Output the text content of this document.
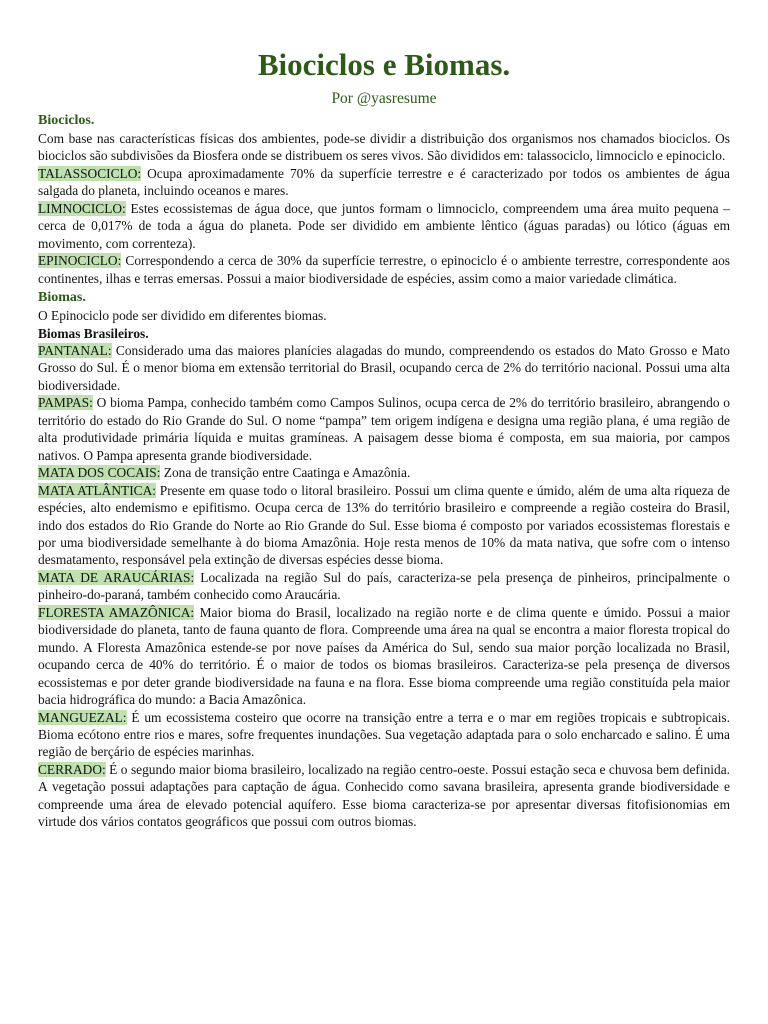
Biociclos e Biomas.
Por @yasresume
Biociclos.

Com base nas características físicas dos ambientes, pode-se dividir a distribuição dos organismos nos chamados biociclos. Os biociclos são subdivisões da Biosfera onde se distribuem os seres vivos. São divididos em: talassociclo, limnociclo e epinociclo.

TALASSOCICLO: Ocupa aproximadamente 70% da superfície terrestre e é caracterizado por todos os ambientes de água salgada do planeta, incluindo oceanos e mares.

LIMNOCICLO: Estes ecossistemas de água doce, que juntos formam o limnociclo, compreendem uma área muito pequena – cerca de 0,017% de toda a água do planeta. Pode ser dividido em ambiente lêntico (águas paradas) ou lótico (águas em movimento, com correnteza).

EPINOCICLO: Correspondendo a cerca de 30% da superfície terrestre, o epinociclo é o ambiente terrestre, correspondente aos continentes, ilhas e terras emersas. Possui a maior biodiversidade de espécies, assim como a maior variedade climática.

Biomas.

O Epinociclo pode ser dividido em diferentes biomas.

Biomas Brasileiros.

PANTANAL: Considerado uma das maiores planícies alagadas do mundo, compreendendo os estados do Mato Grosso e Mato Grosso do Sul. É o menor bioma em extensão territorial do Brasil, ocupando cerca de 2% do território nacional. Possui uma alta biodiversidade.

PAMPAS: O bioma Pampa, conhecido também como Campos Sulinos, ocupa cerca de 2% do território brasileiro, abrangendo o território do estado do Rio Grande do Sul. O nome “pampa” tem origem indígena e designa uma região plana, é uma região de alta produtividade primária líquida e muitas gramíneas. A paisagem desse bioma é composta, em sua maioria, por campos nativos. O Pampa apresenta grande biodiversidade.

MATA DOS COCAIS: Zona de transição entre Caatinga e Amazônia.

MATA ATLÂNTICA: Presente em quase todo o litoral brasileiro. Possui um clima quente e úmido, além de uma alta riqueza de espécies, alto endemismo e epifitismo. Ocupa cerca de 13% do território brasileiro e compreende a região costeira do Brasil, indo dos estados do Rio Grande do Norte ao Rio Grande do Sul. Esse bioma é composto por variados ecossistemas florestais e por uma biodiversidade semelhante à do bioma Amazônia. Hoje resta menos de 10% da mata nativa, que sofre com o intenso desmatamento, responsável pela extinção de diversas espécies desse bioma.

MATA DE ARAUCÁRIAS: Localizada na região Sul do país, caracteriza-se pela presença de pinheiros, principalmente o pinheiro-do-paraná, também conhecido como Araucária.

FLORESTA AMAZÔNICA: Maior bioma do Brasil, localizado na região norte e de clima quente e úmido. Possui a maior biodiversidade do planeta, tanto de fauna quanto de flora. Compreende uma área na qual se encontra a maior floresta tropical do mundo. A Floresta Amazônica estende-se por nove países da América do Sul, sendo sua maior porção localizada no Brasil, ocupando cerca de 40% do território. É o maior de todos os biomas brasileiros. Caracteriza-se pela presença de diversos ecossistemas e por deter grande biodiversidade na fauna e na flora. Esse bioma compreende uma região constituída pela maior bacia hidrográfica do mundo: a Bacia Amazônica.

MANGUEZAL: É um ecossistema costeiro que ocorre na transição entre a terra e o mar em regiões tropicais e subtropicais. Bioma ecótono entre rios e mares, sofre frequentes inundações. Sua vegetação adaptada para o solo encharcado e salino. É uma região de berçário de espécies marinhas.

CERRADO: É o segundo maior bioma brasileiro, localizado na região centro-oeste. Possui estação seca e chuvosa bem definida. A vegetação possui adaptações para captação de água. Conhecido como savana brasileira, apresenta grande biodiversidade e compreende uma área de elevado potencial aquífero. Esse bioma caracteriza-se por apresentar diversas fitofisionomias em virtude dos vários contatos geográficos que possui com outros biomas.
